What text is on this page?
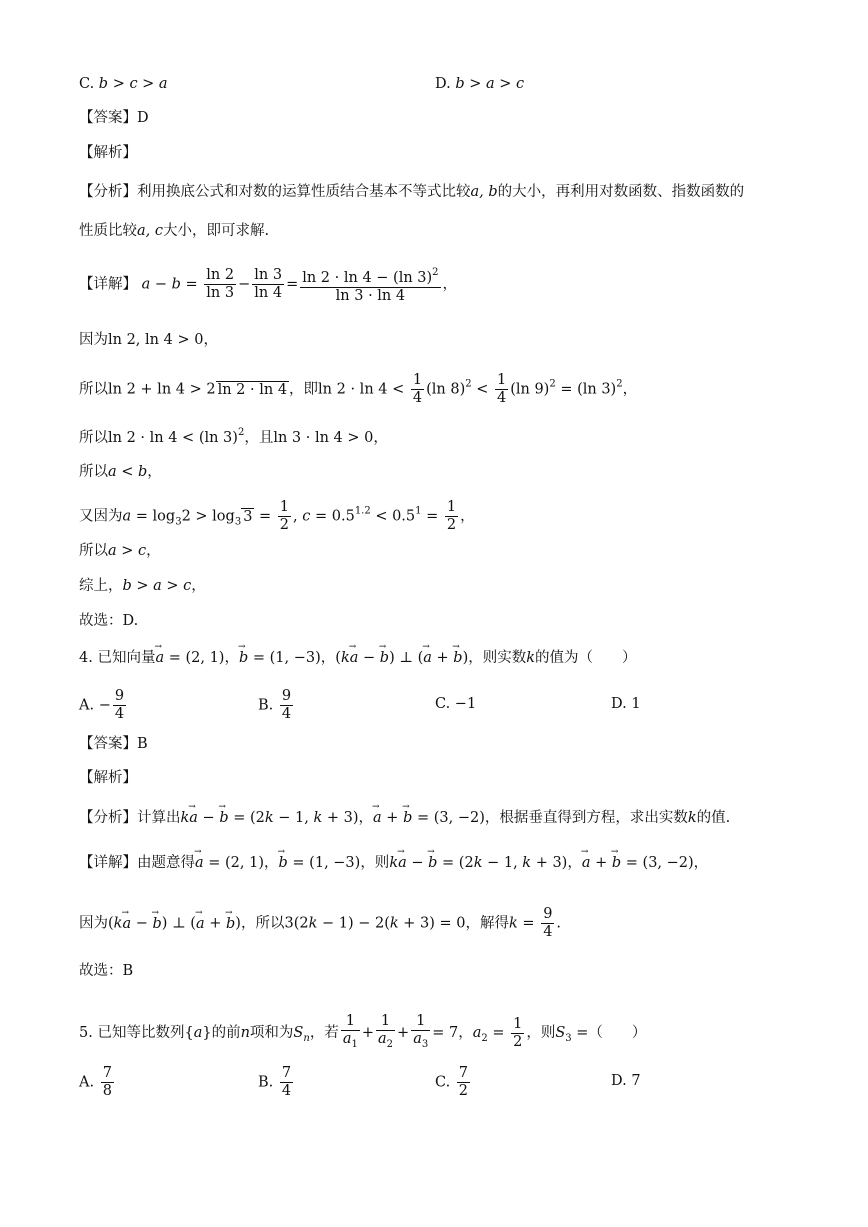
C. b > c > a	D. b > a > c
【答案】D
【解析】
【分析】利用换底公式和对数的运算性质结合基本不等式比较a, b的大小，再利用对数函数、指数函数的
性质比较a, c大小，即可求解.
【详解】 $a - b = \frac{\ln 2}{\ln 3} - \frac{\ln 3}{\ln 4} = \frac{\ln 2 \cdot \ln 4 - (\ln 3)^2}{\ln 3 \cdot \ln 4}$ ，
因为ln 2, ln 4 > 0，
所以ln 2 + ln 4 > 2 ln 2 · ln 4 ，即$\ln 2 \cdot \ln 4 < \frac{1}{4} (\ln$ $8)^2 < \frac{1}{4} (\ln$ 9)$^2$ = (ln 3)$^2$，
所以ln 2 · ln 4 < (ln 3)$^2$，且ln 3 · ln 4 > 0，
所以a < b，
又因为$a = \log_32 > \log_3 3 = \frac{1}{2}$ , $c = 0.5^{1.2} < 0.5^1 = \frac{1}{2}$ ，
所以a > c，
综上，b > a > c，
故选：D.
4. 已知向量→ a = (2, 1)，→ b = (1, −3)，(k→ a − → b) ⊥ (→ a + → b)，则实数k的值为（　　）
A. − $\frac{9}{4}$	B. $\frac{9}{4}$	C. −1	D. 1
【答案】B
【解析】
【分析】计算出k→ a − → b = (2k − 1, k + 3)，→ a + → b = (3, −2)，根据垂直得到方程，求出实数k的值.
【详解】由题意得→ a = (2, 1)，→ b = (1, −3)，则k→ a − → b = (2k − 1, k + 3)，→ a + → b = (3, −2)，
因为(k→ a − → b) ⊥ (→ a + → b)，所以3(2k − 1) − 2(k + 3) = 0，解得$k = \frac{9}{4}$ .
故选：B
5. 已知等比数列{a}的前n项和为$S_n$，若 $\frac{1}{a_1} + \frac{1}{a_2} + \frac{1}{a_3} = 7$，$a_2 = \frac{1}{2}$ ，则$S_3$ =（　　）
A. $\frac{7}{8}$	B. $\frac{7}{4}$	C. $\frac{7}{2}$	D. 7
